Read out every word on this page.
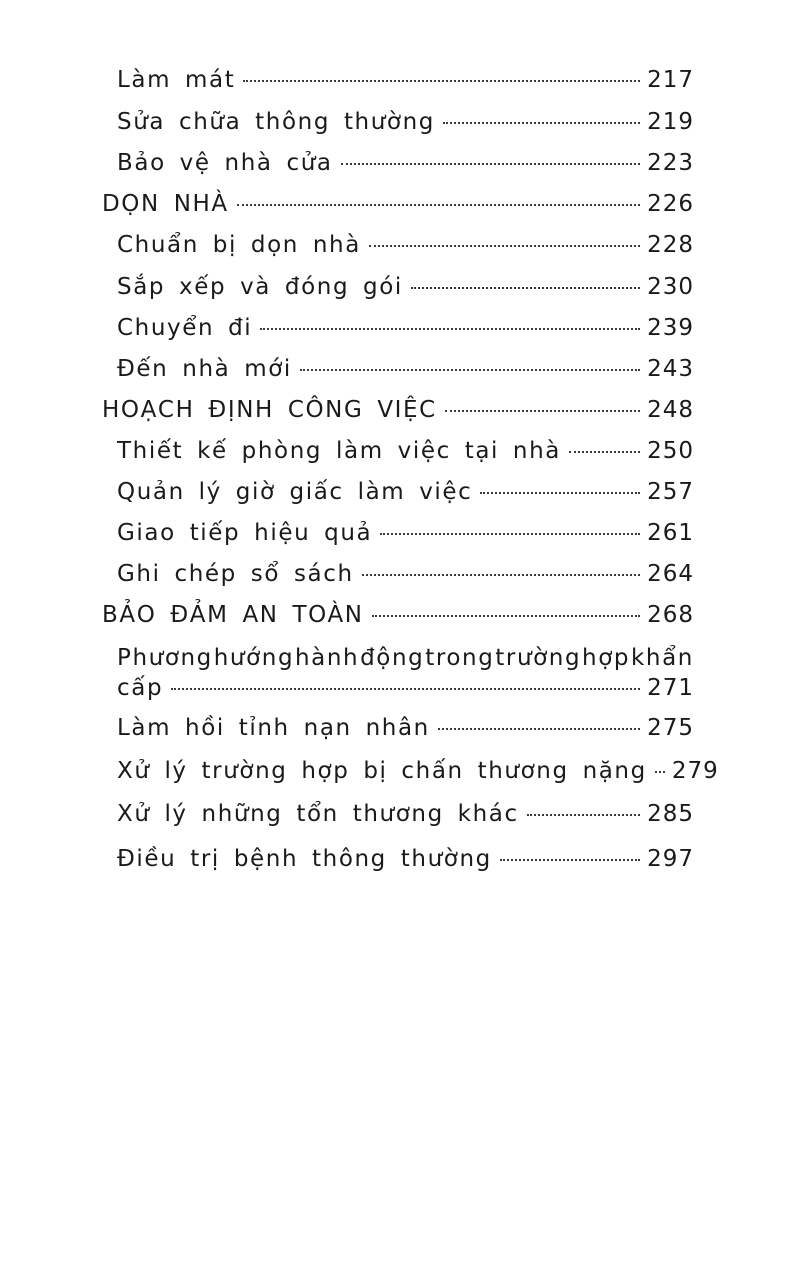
Làm mát	217
Sửa chữa thông thường	219
Bảo vệ nhà cửa	223
DỌN NHÀ	226
Chuẩn bị dọn nhà	228
Sắp xếp và đóng gói	230
Chuyển đi	239
Đến nhà mới	243
HOẠCH ĐỊNH CÔNG VIỆC	248
Thiết kế phòng làm việc tại nhà	250
Quản lý giờ giấc làm việc	257
Giao tiếp hiệu quả	261
Ghi chép sổ sách	264
BẢO ĐẢM AN TOÀN	268
Phương hướng hành động trong trường hợp khẩn
cấp	271
Làm hồi tỉnh nạn nhân	275
Xử lý trường hợp bị chấn thương nặng 279
Xử lý những tổn thương khác	285
Điều trị bệnh thông thường	297
